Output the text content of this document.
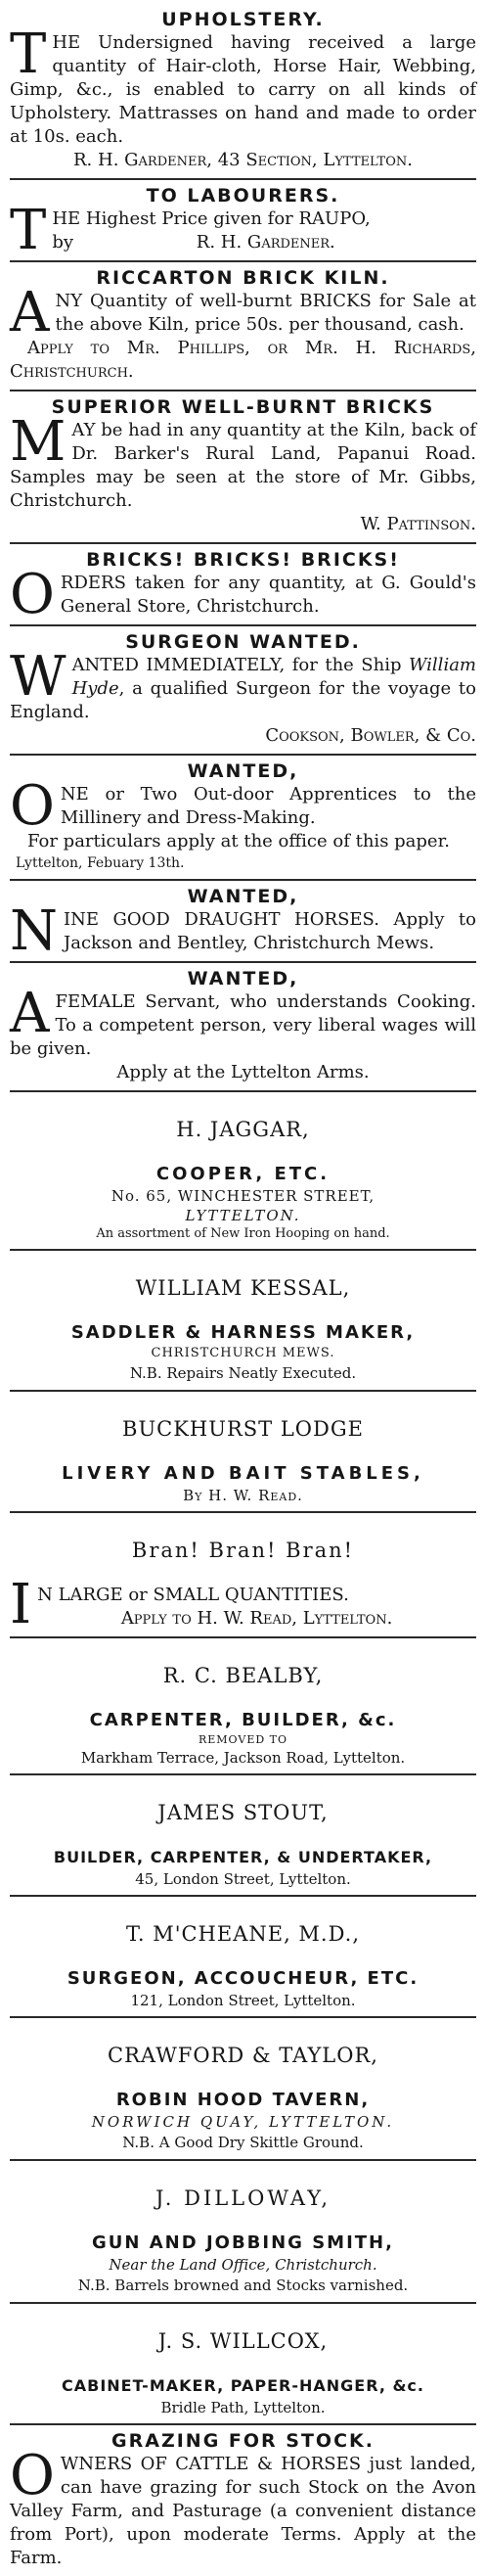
UPHOLSTERY.

THE Undersigned having received a large quantity of Hair-cloth, Horse Hair, Webbing, Gimp, &c., is enabled to carry on all kinds of Upholstery. Mattrasses on hand and made to order at 10s. each.

R. H. Gardener, 43 Section, Lyttelton.

TO LABOURERS.

THE Highest Price given for RAUPO,

by	R. H. Gardener.

RICCARTON BRICK KILN.

ANY Quantity of well-burnt BRICKS for Sale at the above Kiln, price 50s. per thousand, cash.

Apply to Mr. Phillips, or Mr. H. Richards, Christchurch.

SUPERIOR WELL-BURNT BRICKS

MAY be had in any quantity at the Kiln, back of Dr. Barker's Rural Land, Papanui Road. Samples may be seen at the store of Mr. Gibbs, Christchurch.

W. Pattinson.

BRICKS! BRICKS! BRICKS!

ORDERS taken for any quantity, at G. Gould's General Store, Christchurch.

SURGEON WANTED.

WANTED IMMEDIATELY, for the Ship William Hyde, a qualified Surgeon for the voyage to England.

Cookson, Bowler, & Co.

WANTED,

ONE or Two Out-door Apprentices to the Millinery and Dress-Making.

For particulars apply at the office of this paper.

Lyttelton, Febuary 13th.

WANTED,

NINE GOOD DRAUGHT HORSES. Apply to Jackson and Bentley, Christchurch Mews.

WANTED,

A FEMALE Servant, who understands Cooking. To a competent person, very liberal wages will be given.

Apply at the Lyttelton Arms.

H. JAGGAR,

COOPER, ETC.

No. 65, WINCHESTER STREET,

LYTTELTON.

An assortment of New Iron Hooping on hand.

WILLIAM KESSAL,

SADDLER & HARNESS MAKER,

CHRISTCHURCH MEWS.

N.B. Repairs Neatly Executed.

BUCKHURST LODGE

LIVERY AND BAIT STABLES,

By H. W. Read.

Bran! Bran! Bran!

I N LARGE or SMALL QUANTITIES.

Apply to H. W. Read, Lyttelton.

R. C. BEALBY,

CARPENTER, BUILDER, &c.

REMOVED TO

Markham Terrace, Jackson Road, Lyttelton.

JAMES STOUT,

BUILDER, CARPENTER, & UNDERTAKER,

45, London Street, Lyttelton.

T. M'CHEANE, M.D.,

SURGEON, ACCOUCHEUR, ETC.

121, London Street, Lyttelton.

CRAWFORD & TAYLOR,

ROBIN HOOD TAVERN,

NORWICH QUAY, LYTTELTON.

N.B. A Good Dry Skittle Ground.

J. DILLOWAY,

GUN AND JOBBING SMITH,

Near the Land Office, Christchurch.

N.B. Barrels browned and Stocks varnished.

J. S. WILLCOX,

CABINET-MAKER, PAPER-HANGER, &c.

Bridle Path, Lyttelton.

GRAZING FOR STOCK.

OWNERS OF CATTLE & HORSES just landed, can have grazing for such Stock on the Avon Valley Farm, and Pasturage (a convenient distance from Port), upon moderate Terms. Apply at the Farm.
